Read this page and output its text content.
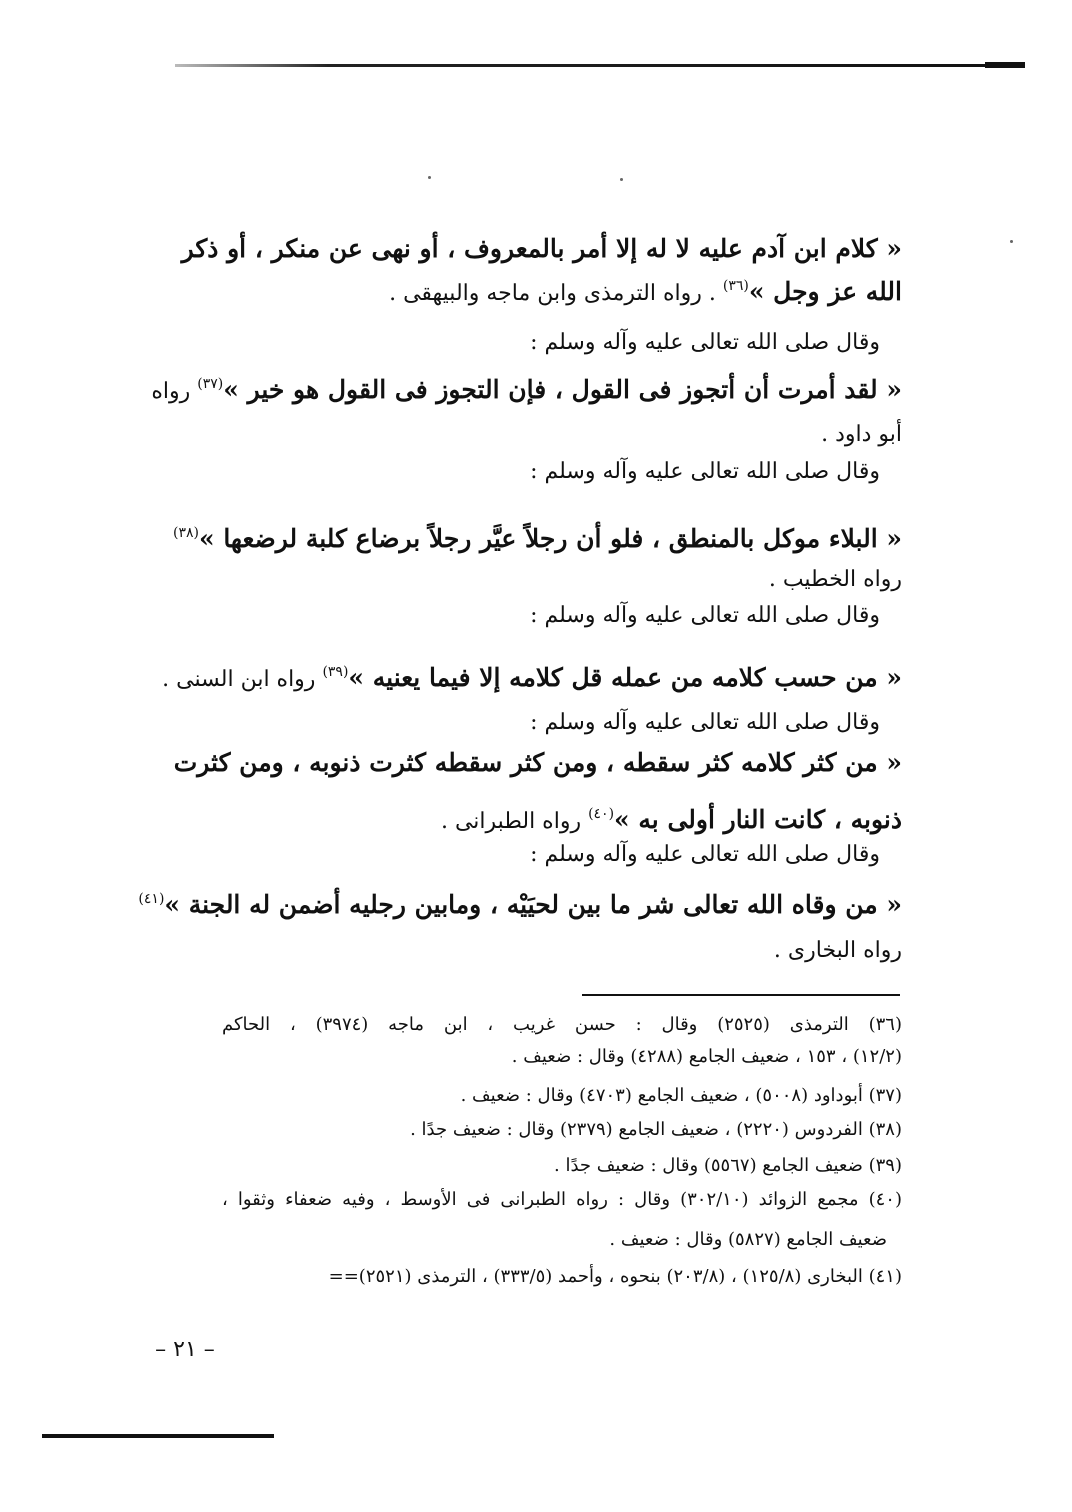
« كلام ابن آدم عليه لا له إلا أمر بالمعروف ، أو نهى عن منكر ، أو ذكر
الله عز وجل »$^{(٣٦)}$ . رواه الترمذى وابن ماجه والبيهقى .
وقال صلى الله تعالى عليه وآله وسلم :
« لقد أمرت أن أتجوز فى القول ، فإن التجوز فى القول هو خير »$^{(٣٧)}$ رواه
أبو داود .
وقال صلى الله تعالى عليه وآله وسلم :
« البلاء موكل بالمنطق ، فلو أن رجلاً عيَّر رجلاً برضاع كلبة لرضعها »$^{(٣٨)}$
رواه الخطيب .
وقال صلى الله تعالى عليه وآله وسلم :
« من حسب كلامه من عمله قل كلامه إلا فيما يعنيه »$^{(٣٩)}$ رواه ابن السنى .
وقال صلى الله تعالى عليه وآله وسلم :
« من كثر كلامه كثر سقطه ، ومن كثر سقطه كثرت ذنوبه ، ومن كثرت
ذنوبه ، كانت النار أولى به »$^{(٤٠)}$ رواه الطبرانى .
وقال صلى الله تعالى عليه وآله وسلم :
« من وقاه الله تعالى شر ما بين لحيَيْه ، ومابين رجليه أضمن له الجنة »$^{(٤١)}$
رواه البخارى .
(٣٦) الترمذى (٢٥٢٥) وقال : حسن غريب ، ابن ماجه (٣٩٧٤) ، الحاكم
(١٢/٢) ، ١٥٣ ، ضعيف الجامع (٤٢٨٨) وقال : ضعيف .
(٣٧) أبوداود (٥٠٠٨) ، ضعيف الجامع (٤٧٠٣) وقال : ضعيف .
(٣٨) الفردوس (٢٢٢٠) ، ضعيف الجامع (٢٣٧٩) وقال : ضعيف جدًا .
(٣٩) ضعيف الجامع (٥٥٦٧) وقال : ضعيف جدًا .
(٤٠) مجمع الزوائد (٣٠٢/١٠) وقال : رواه الطبرانى فى الأوسط ، وفيه ضعفاء وثقوا ،
ضعيف الجامع (٥٨٢٧) وقال : ضعيف .
(٤١) البخارى (١٢٥/٨) ، (٢٠٣/٨) بنحوه ، وأحمد (٣٣٣/٥) ، الترمذى (٢٥٢١)==
– ٢١ –
